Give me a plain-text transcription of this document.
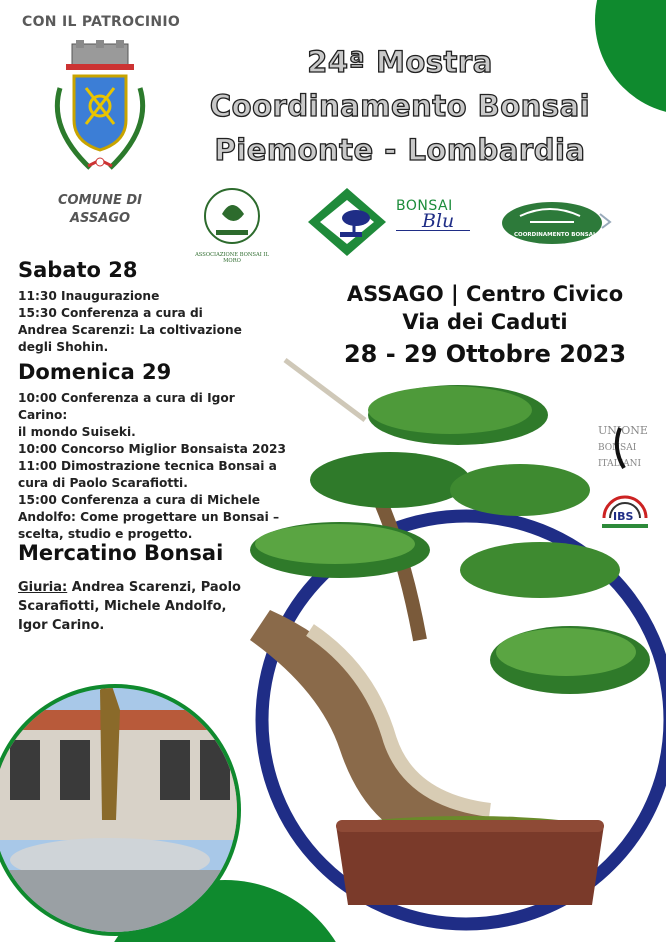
CON IL PATROCINIO
COMUNE DI
ASSAGO
24ª Mostra
Coordinamento Bonsai
Piemonte - Lombardia
ASSOCIAZIONE BONSAI IL MORO
BONSAI
Blu
COORDINAMENTO BONSAI
Sabato 28
11:30 Inaugurazione
15:30 Conferenza a cura di
Andrea Scarenzi: La coltivazione
degli Shohin.
Domenica 29
10:00 Conferenza a cura di Igor Carino:
il mondo Suiseki.
10:00 Concorso Miglior Bonsaista 2023
11:00 Dimostrazione tecnica Bonsai a
cura di Paolo Scarafiotti.
15:00 Conferenza a cura di Michele
Andolfo: Come progettare un Bonsai –
scelta, studio e progetto.
Mercatino Bonsai
Giuria: Andrea Scarenzi, Paolo
Scarafiotti, Michele Andolfo,
Igor Carino.
ASSAGO | Centro Civico
Via dei Caduti
28 - 29 Ottobre 2023
UNIONE
BONSAI
ITALIANI
IBS
